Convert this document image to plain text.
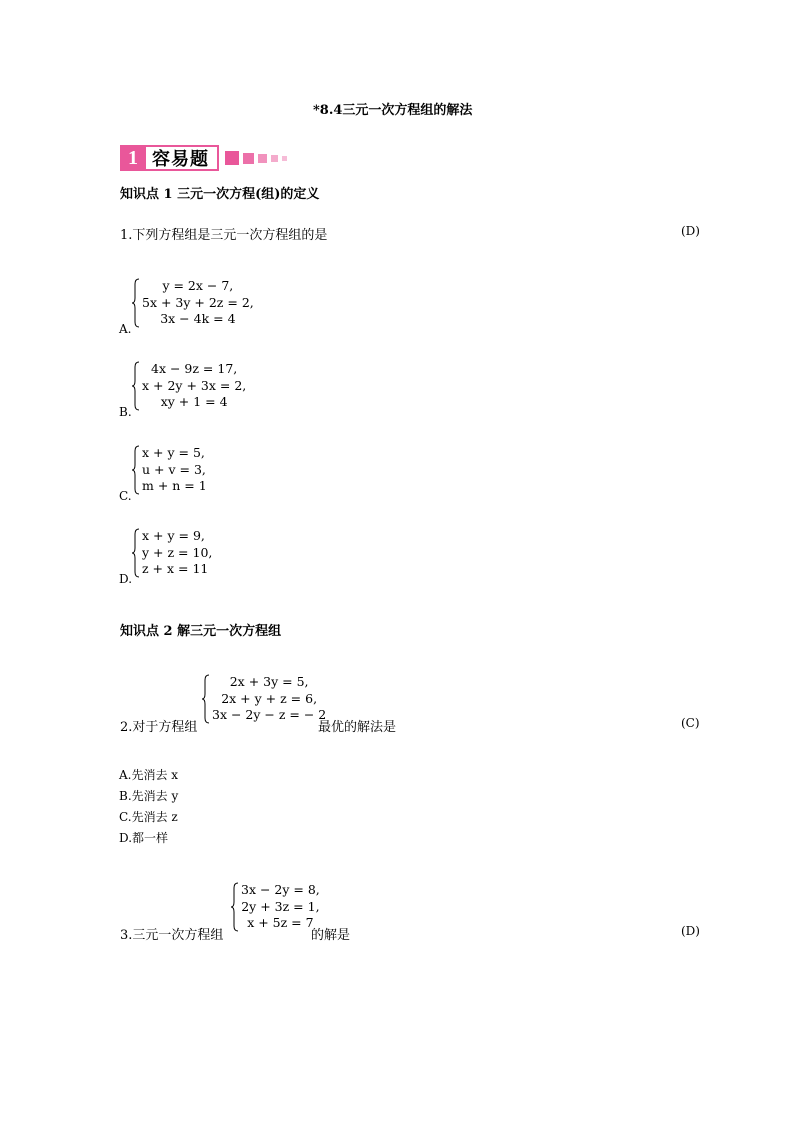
*8.4三元一次方程组的解法
1 容易题
知识点 1 三元一次方程(组)的定义
1.下列方程组是三元一次方程组的是	(D)
A.
y = 2x − 7,
5x + 3y + 2z = 2,
3x − 4k = 4
B.
4x − 9z = 17,
x + 2y + 3x = 2,
xy + 1 = 4
C.
x + y = 5,
u + v = 3,
m + n = 1
D.
x + y = 9,
y + z = 10,
z + x = 11
知识点 2 解三元一次方程组
2.对于方程组
2x + 3y = 5,
2x + y + z = 6,
3x − 2y − z = − 2
最优的解法是	(C)
A.先消去 x
B.先消去 y
C.先消去 z
D.都一样
3.三元一次方程组
3x − 2y = 8,
2y + 3z = 1,
x + 5z = 7
的解是	(D)
